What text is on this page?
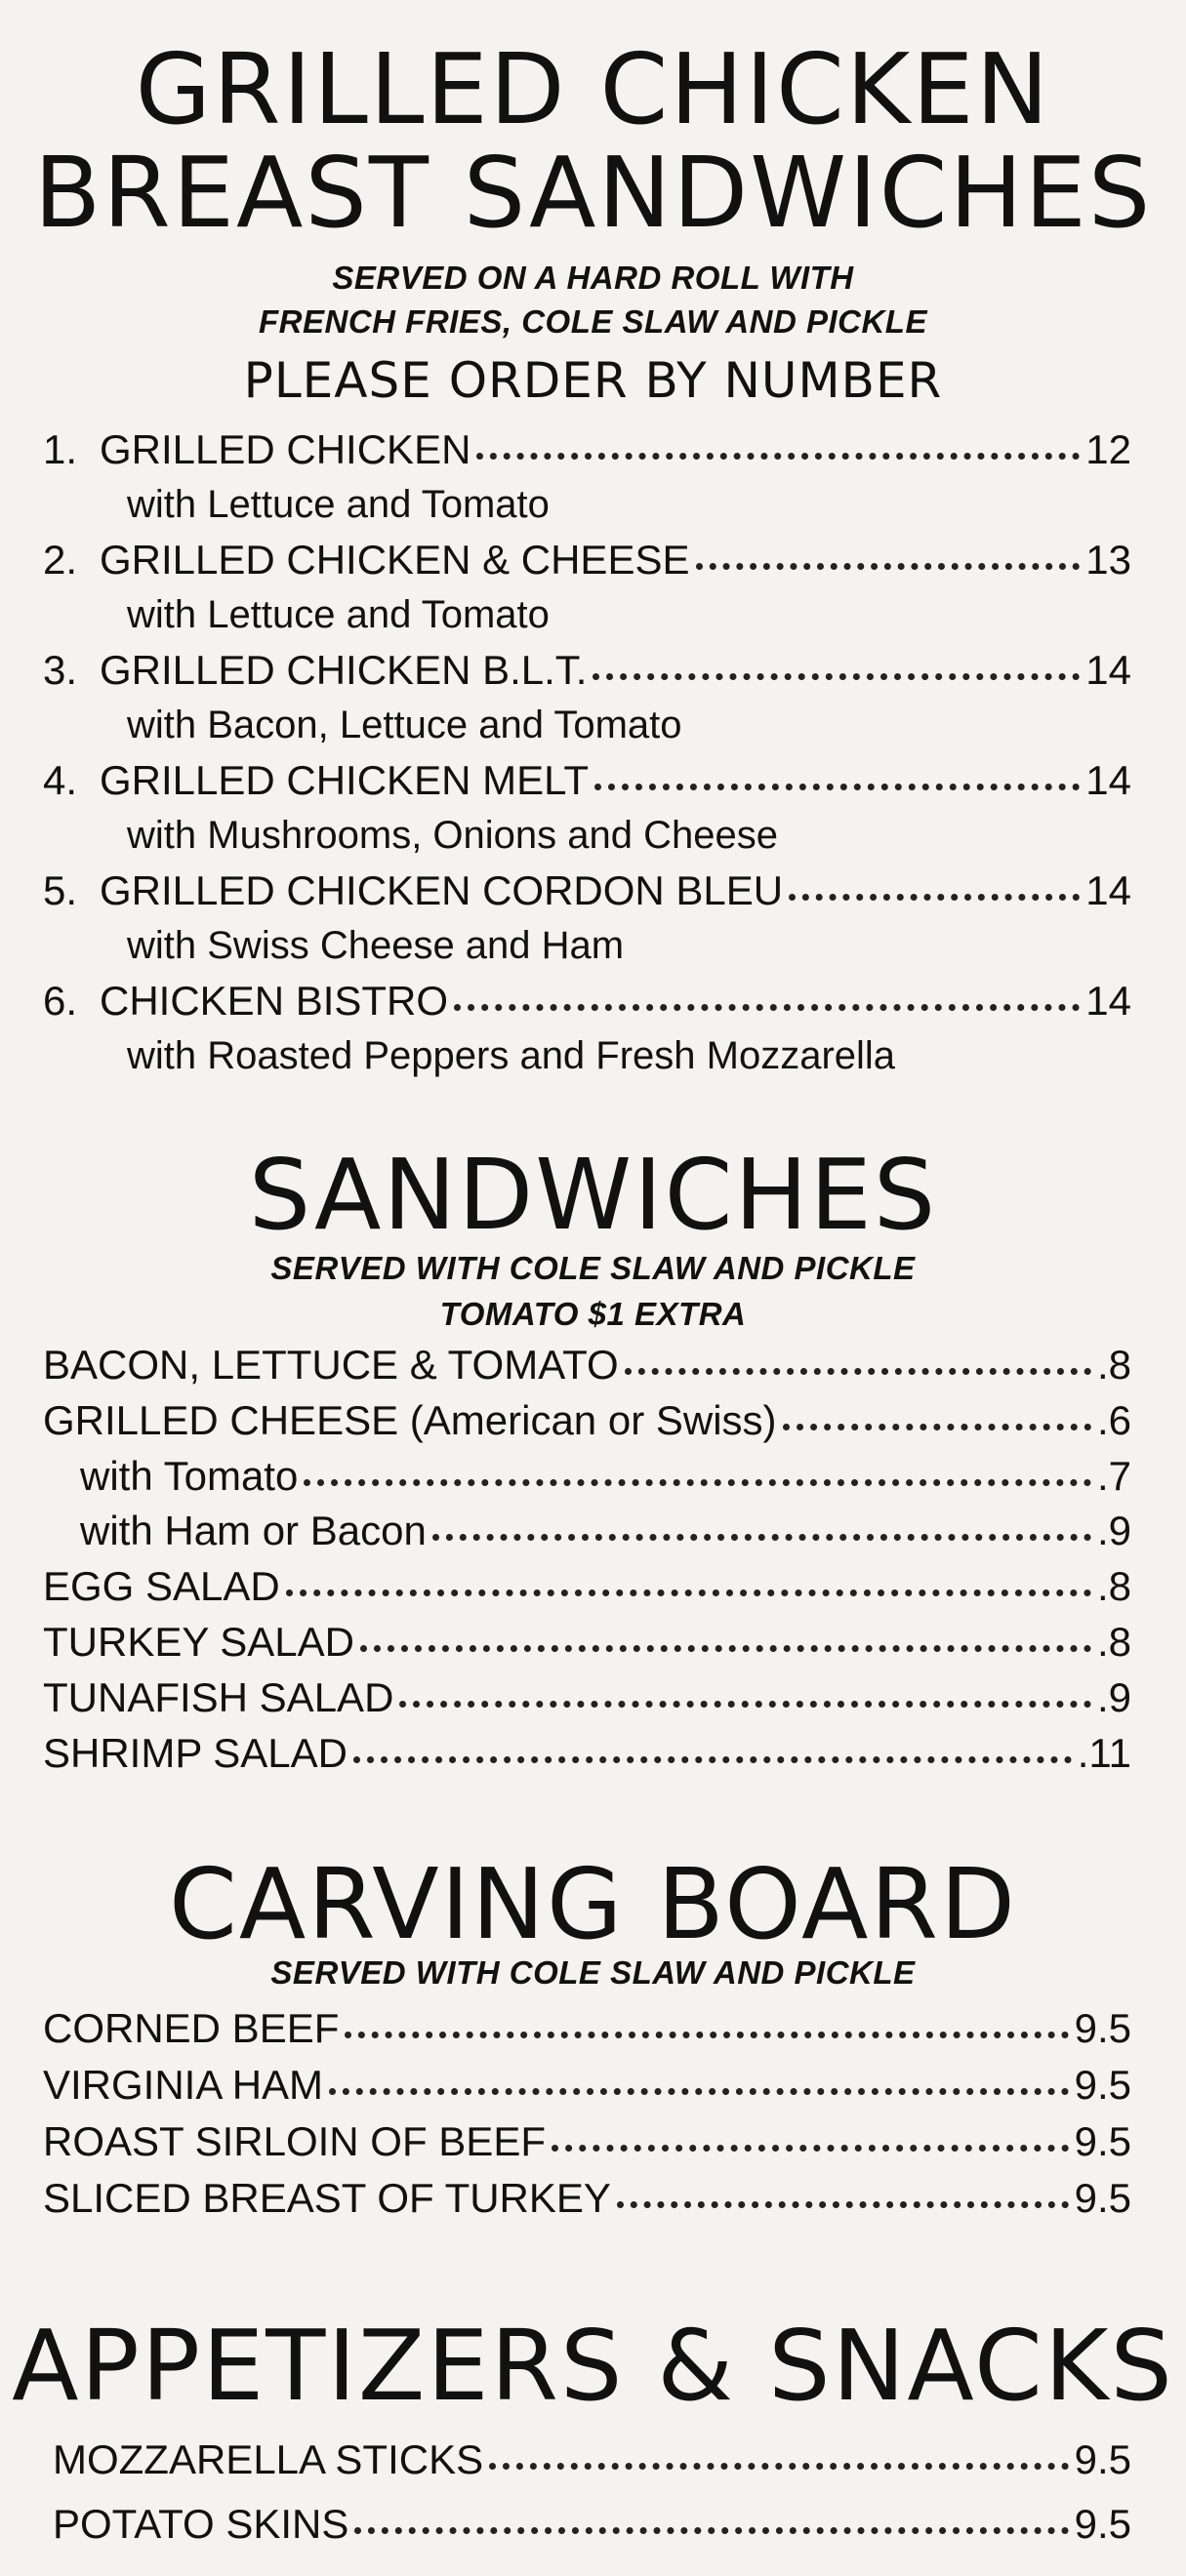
GRILLED CHICKEN
BREAST SANDWICHES
SERVED ON A HARD ROLL WITH
FRENCH FRIES, COLE SLAW AND PICKLE
PLEASE ORDER BY NUMBER
1. GRILLED CHICKEN	12
with Lettuce and Tomato
2. GRILLED CHICKEN & CHEESE	13
with Lettuce and Tomato
3. GRILLED CHICKEN B.L.T.	14
with Bacon, Lettuce and Tomato
4. GRILLED CHICKEN MELT	14
with Mushrooms, Onions and Cheese
5. GRILLED CHICKEN CORDON BLEU	14
with Swiss Cheese and Ham
6. CHICKEN BISTRO	14
with Roasted Peppers and Fresh Mozzarella
SANDWICHES
SERVED WITH COLE SLAW AND PICKLE
TOMATO $1 EXTRA
BACON, LETTUCE & TOMATO	.8
GRILLED CHEESE (American or Swiss)	.6
with Tomato	.7
with Ham or Bacon	.9
EGG SALAD	.8
TURKEY SALAD	.8
TUNAFISH SALAD	.9
SHRIMP SALAD	.11
CARVING BOARD
SERVED WITH COLE SLAW AND PICKLE
CORNED BEEF	9.5
VIRGINIA HAM	9.5
ROAST SIRLOIN OF BEEF	9.5
SLICED BREAST OF TURKEY	9.5
APPETIZERS & SNACKS
MOZZARELLA STICKS	9.5
POTATO SKINS	9.5
